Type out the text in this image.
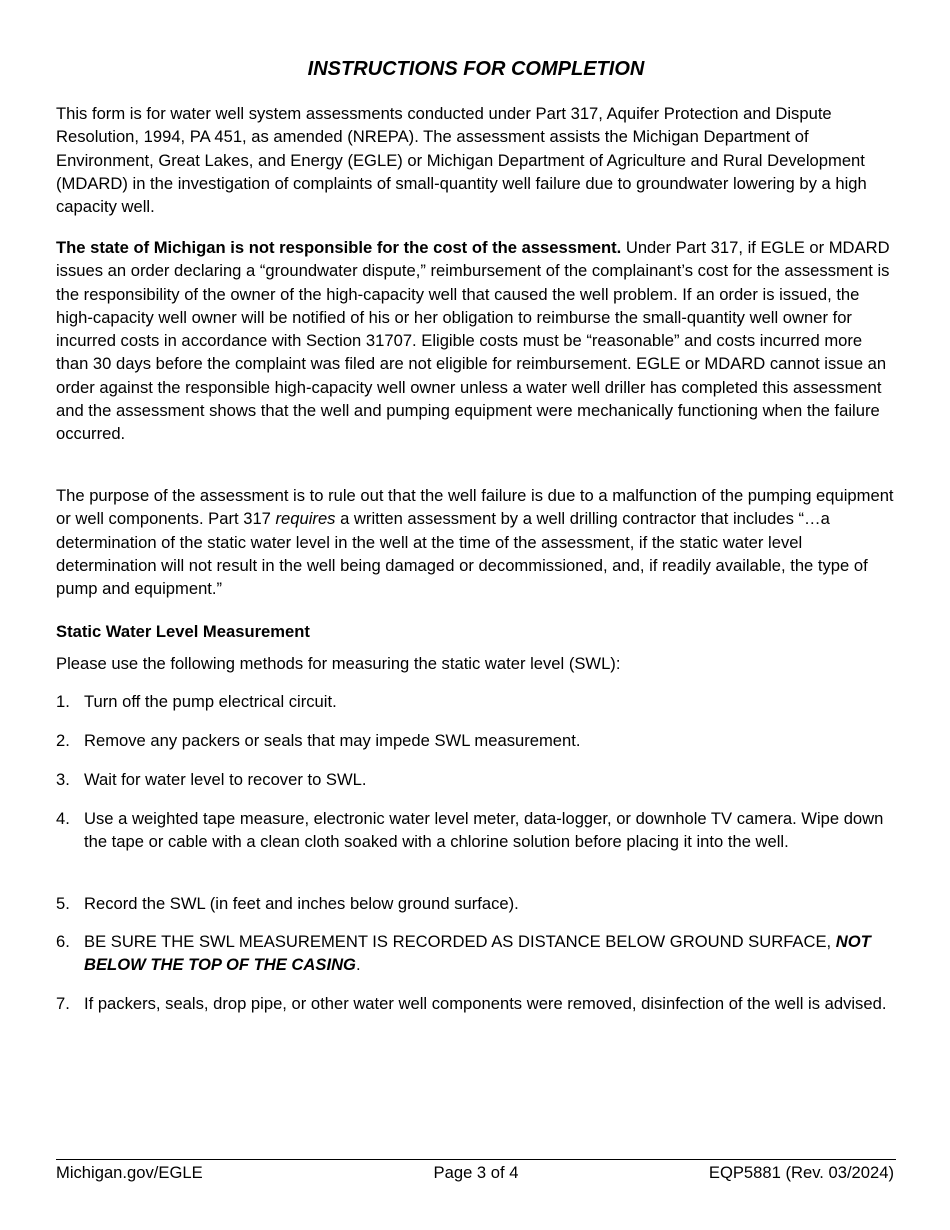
INSTRUCTIONS FOR COMPLETION

This form is for water well system assessments conducted under Part 317, Aquifer Protection and Dispute Resolution, 1994, PA 451, as amended (NREPA). The assessment assists the Michigan Department of Environment, Great Lakes, and Energy (EGLE) or Michigan Department of Agriculture and Rural Development (MDARD) in the investigation of complaints of small-quantity well failure due to groundwater lowering by a high capacity well.

The state of Michigan is not responsible for the cost of the assessment. Under Part 317, if EGLE or MDARD issues an order declaring a “groundwater dispute,” reimbursement of the complainant’s cost for the assessment is the responsibility of the owner of the high-capacity well that caused the well problem. If an order is issued, the high-capacity well owner will be notified of his or her obligation to reimburse the small-quantity well owner for incurred costs in accordance with Section 31707. Eligible costs must be “reasonable” and costs incurred more than 30 days before the complaint was filed are not eligible for reimbursement. EGLE or MDARD cannot issue an order against the responsible high-capacity well owner unless a water well driller has completed this assessment and the assessment shows that the well and pumping equipment were mechanically functioning when the failure occurred.

The purpose of the assessment is to rule out that the well failure is due to a malfunction of the pumping equipment or well components. Part 317 requires a written assessment by a well drilling contractor that includes “…a determination of the static water level in the well at the time of the assessment, if the static water level determination will not result in the well being damaged or decommissioned, and, if readily available, the type of pump and equipment.”

Static Water Level Measurement

Please use the following methods for measuring the static water level (SWL):

1. Turn off the pump electrical circuit.
2. Remove any packers or seals that may impede SWL measurement.
3. Wait for water level to recover to SWL.
4. Use a weighted tape measure, electronic water level meter, data-logger, or downhole TV camera. Wipe down the tape or cable with a clean cloth soaked with a chlorine solution before placing it into the well.
5. Record the SWL (in feet and inches below ground surface).
6. BE SURE THE SWL MEASUREMENT IS RECORDED AS DISTANCE BELOW GROUND SURFACE, NOT BELOW THE TOP OF THE CASING.
7. If packers, seals, drop pipe, or other water well components were removed, disinfection of the well is advised.
Page 3 of 4
Michigan.gov/EGLE	EQP5881 (Rev. 03/2024)
